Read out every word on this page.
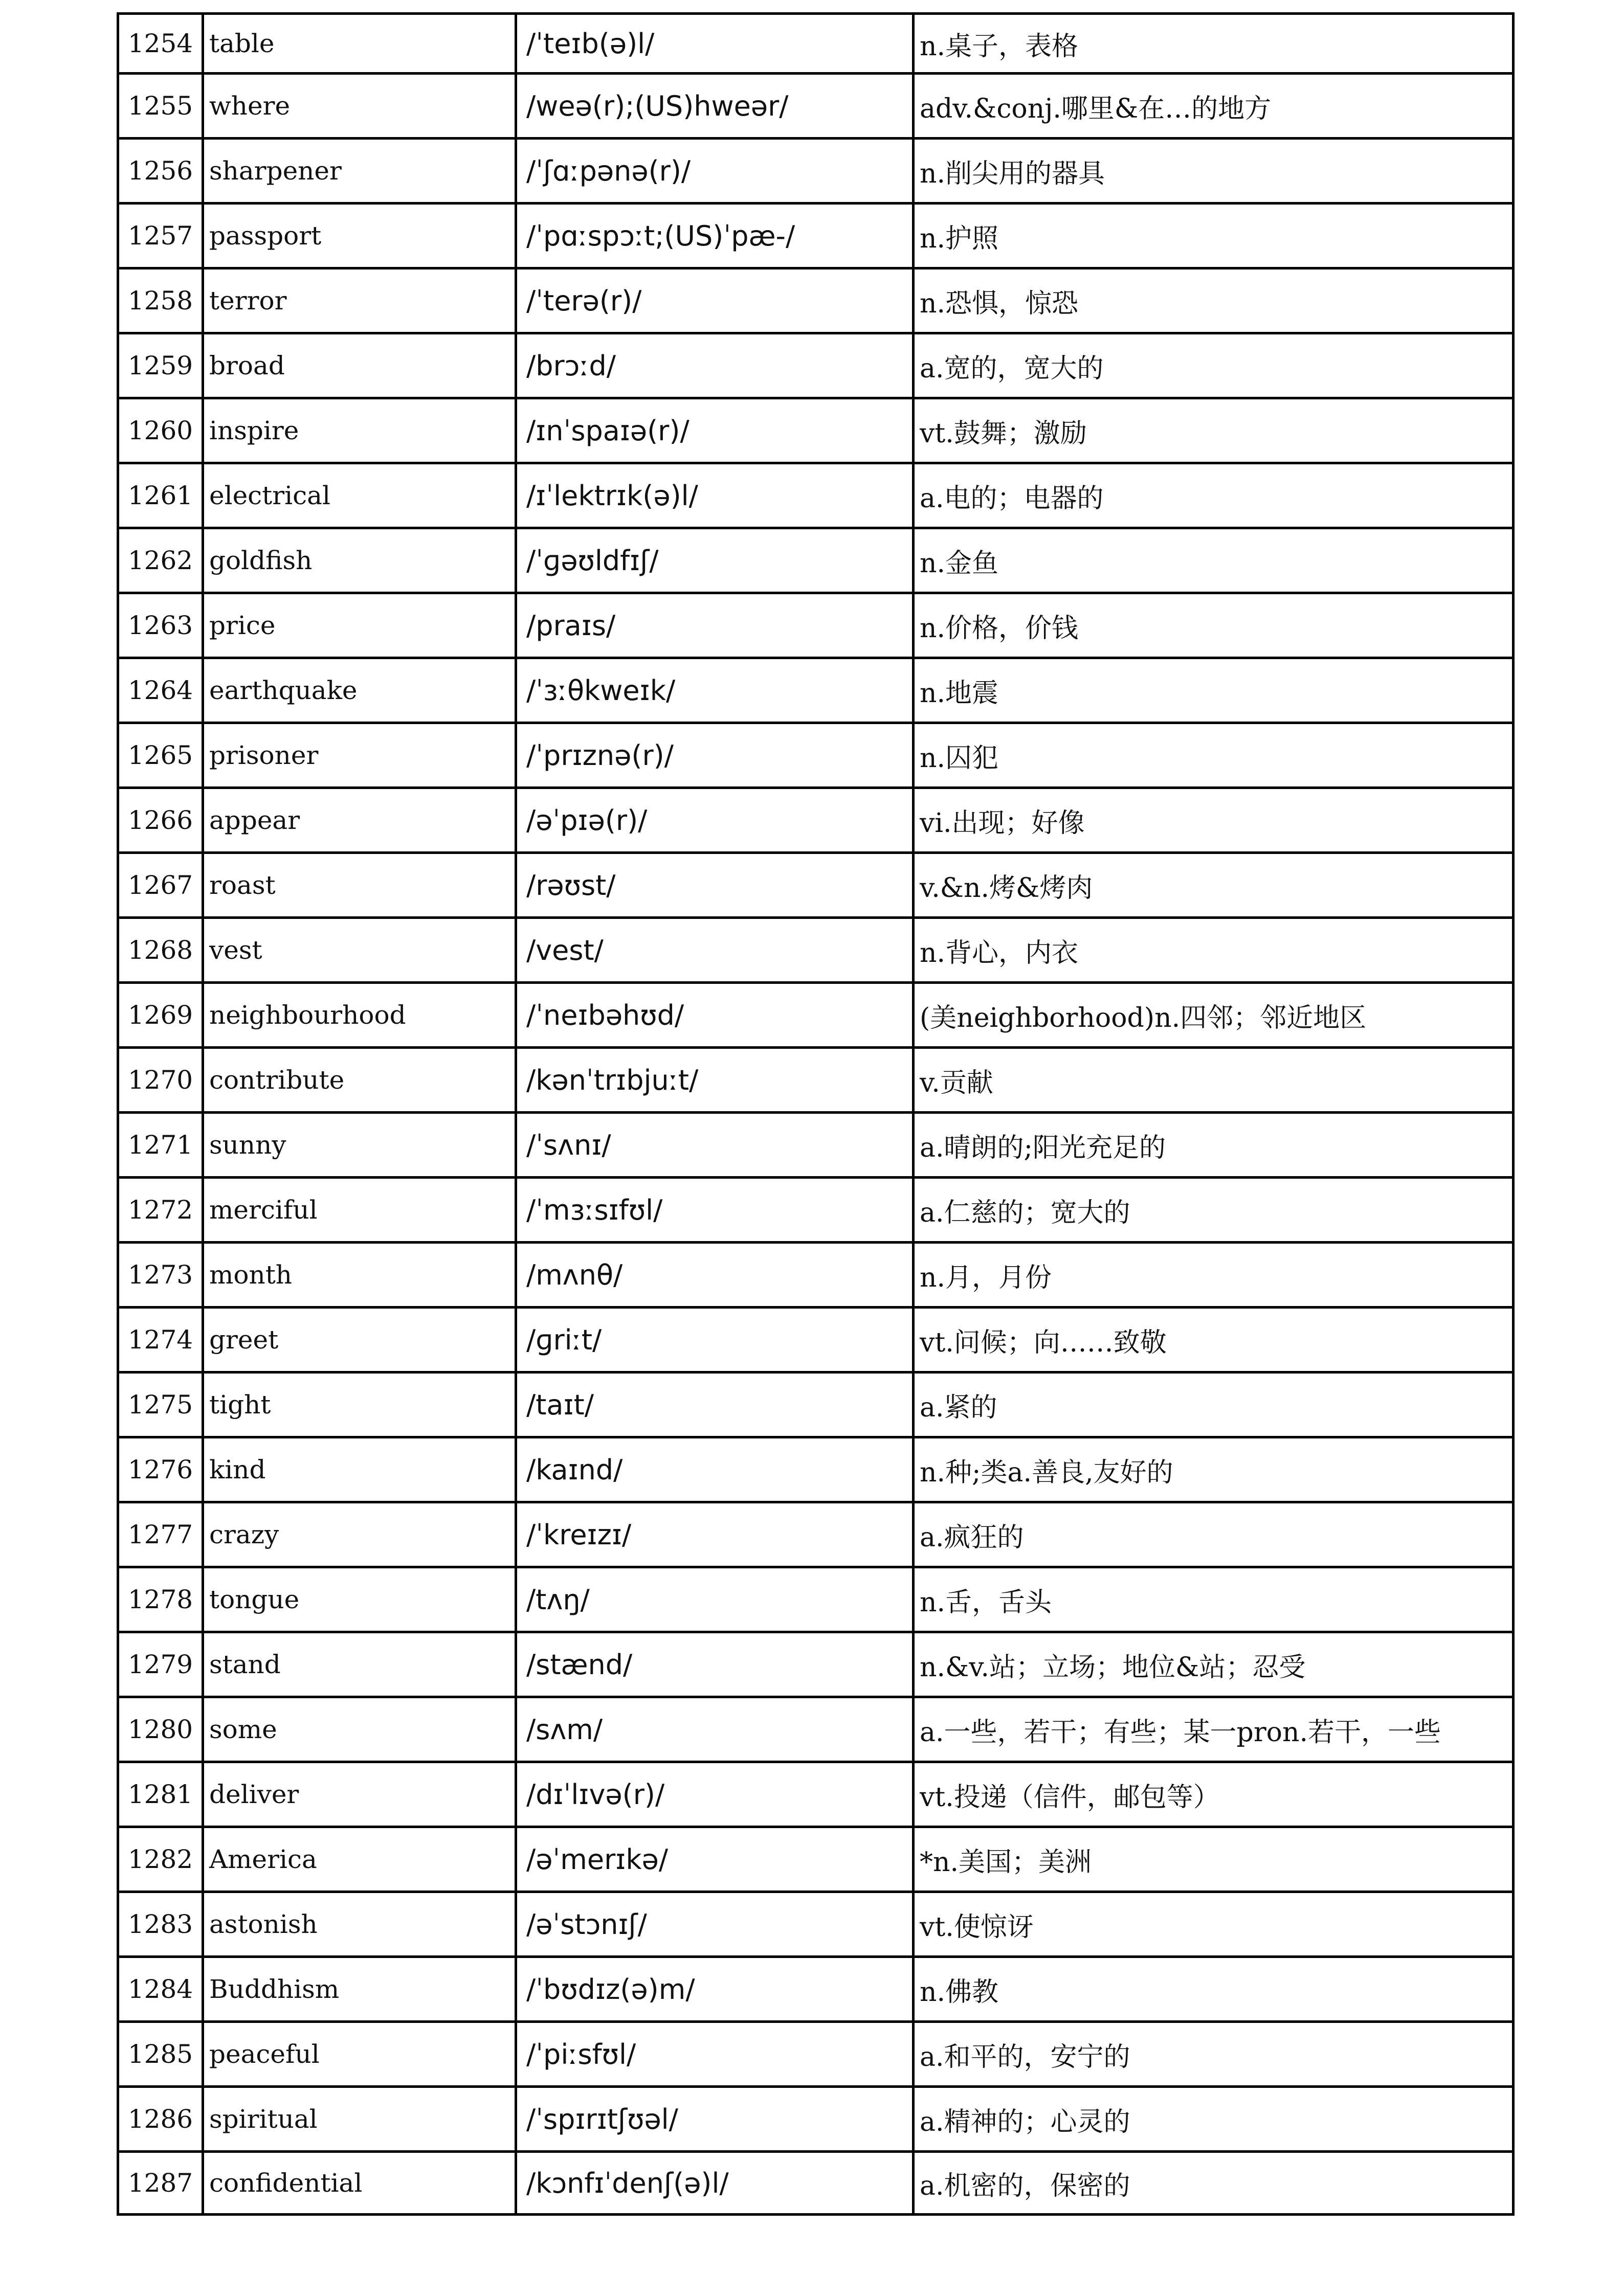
1254	table	/ˈteɪb(ə)l/	n.桌子，表格
1255	where	/weə(r);(US)hweər/	adv.&conj.哪里&在…的地方
1256	sharpener	/ˈʃɑːpənə(r)/	n.削尖用的器具
1257	passport	/ˈpɑːspɔːt;(US)ˈpæ-/	n.护照
1258	terror	/ˈterə(r)/	n.恐惧，惊恐
1259	broad	/brɔːd/	a.宽的，宽大的
1260	inspire	/ɪnˈspaɪə(r)/	vt.鼓舞；激励
1261	electrical	/ɪˈlektrɪk(ə)l/	a.电的；电器的
1262	goldfish	/ˈɡəʊldfɪʃ/	n.金鱼
1263	price	/praɪs/	n.价格，价钱
1264	earthquake	/ˈɜːθkweɪk/	n.地震
1265	prisoner	/ˈprɪznə(r)/	n.囚犯
1266	appear	/əˈpɪə(r)/	vi.出现；好像
1267	roast	/rəʊst/	v.&n.烤&烤肉
1268	vest	/vest/	n.背心，内衣
1269	neighbourhood	/ˈneɪbəhʊd/	(美neighborhood)n.四邻；邻近地区
1270	contribute	/kənˈtrɪbjuːt/	v.贡献
1271	sunny	/ˈsʌnɪ/	a.晴朗的;阳光充足的
1272	merciful	/ˈmɜːsɪfʊl/	a.仁慈的；宽大的
1273	month	/mʌnθ/	n.月，月份
1274	greet	/ɡriːt/	vt.问候；向……致敬
1275	tight	/taɪt/	a.紧的
1276	kind	/kaɪnd/	n.种;类a.善良,友好的
1277	crazy	/ˈkreɪzɪ/	a.疯狂的
1278	tongue	/tʌŋ/	n.舌，舌头
1279	stand	/stænd/	n.&v.站；立场；地位&站；忍受
1280	some	/sʌm/	a.一些，若干；有些；某一pron.若干，一些
1281	deliver	/dɪˈlɪvə(r)/	vt.投递（信件，邮包等）
1282	America	/əˈmerɪkə/	*n.美国；美洲
1283	astonish	/əˈstɔnɪʃ/	vt.使惊讶
1284	Buddhism	/ˈbʊdɪz(ə)m/	n.佛教
1285	peaceful	/ˈpiːsfʊl/	a.和平的，安宁的
1286	spiritual	/ˈspɪrɪtʃʊəl/	a.精神的；心灵的
1287	confidential	/kɔnfɪˈdenʃ(ə)l/	a.机密的，保密的
